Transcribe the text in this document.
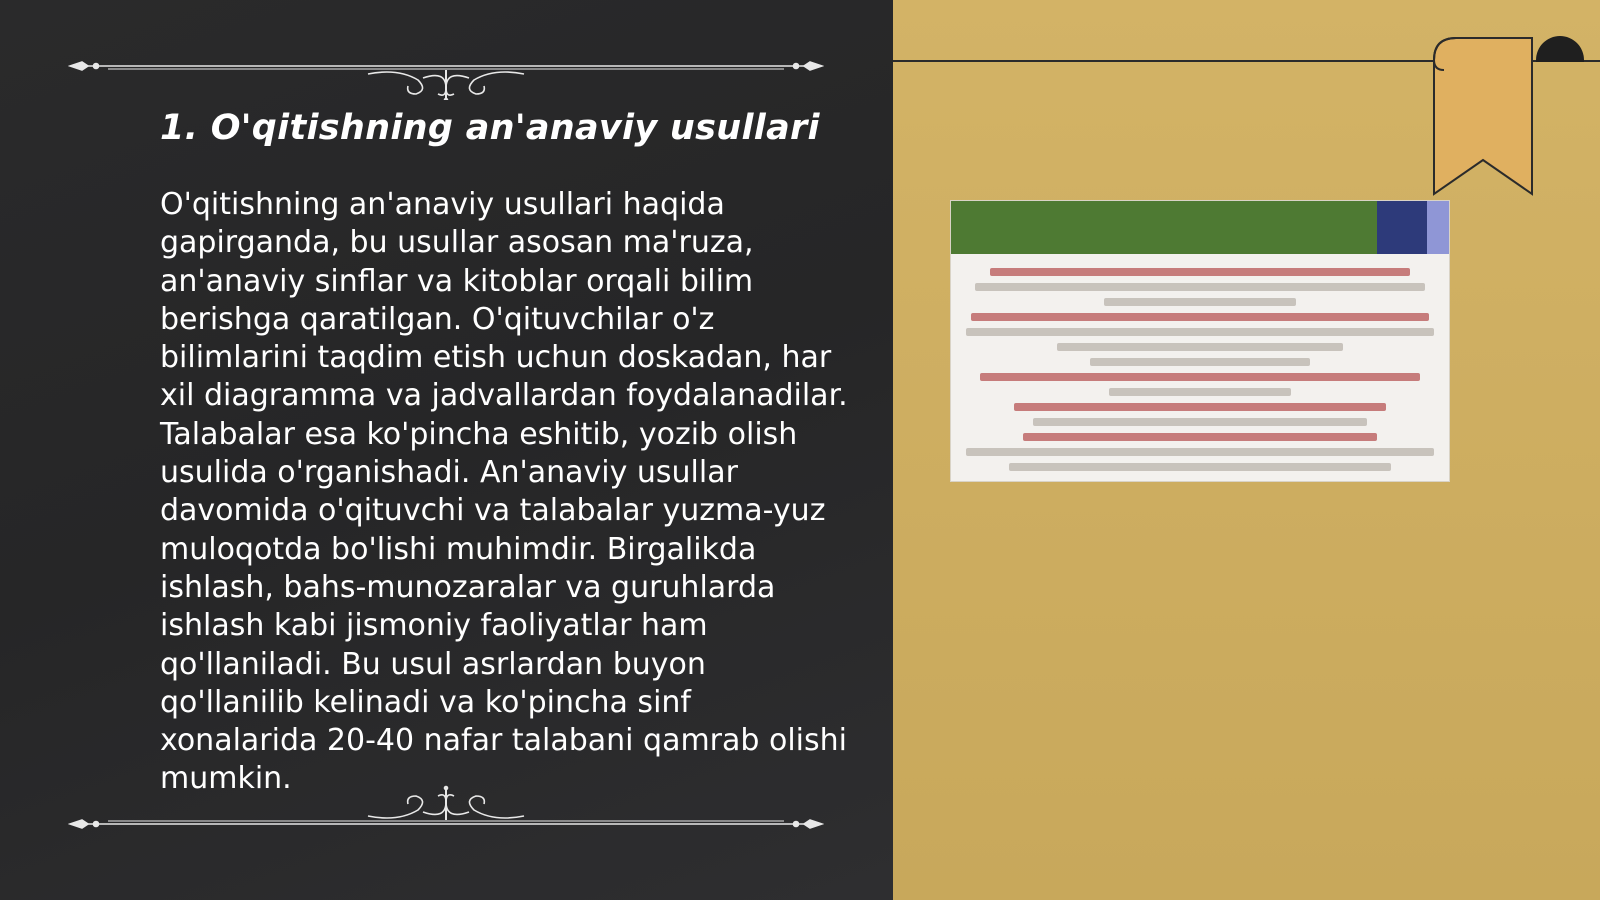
1. O'qitishning an'anaviy usullari

O'qitishning an'anaviy usullari haqida gapirganda, bu usullar asosan ma'ruza, an'anaviy sinflar va kitoblar orqali bilim berishga qaratilgan. O'qituvchilar o'z bilimlarini taqdim etish uchun doskadan, har xil diagramma va jadvallardan foydalanadilar. Talabalar esa ko'pincha eshitib, yozib olish usulida o'rganishadi. An'anaviy usullar davomida o'qituvchi va talabalar yuzma-yuz muloqotda bo'lishi muhimdir. Birgalikda ishlash, bahs-munozaralar va guruhlarda ishlash kabi jismoniy faoliyatlar ham qo'llaniladi. Bu usul asrlardan buyon qo'llanilib kelinadi va ko'pincha sinf xonalarida 20-40 nafar talabani qamrab olishi mumkin.
